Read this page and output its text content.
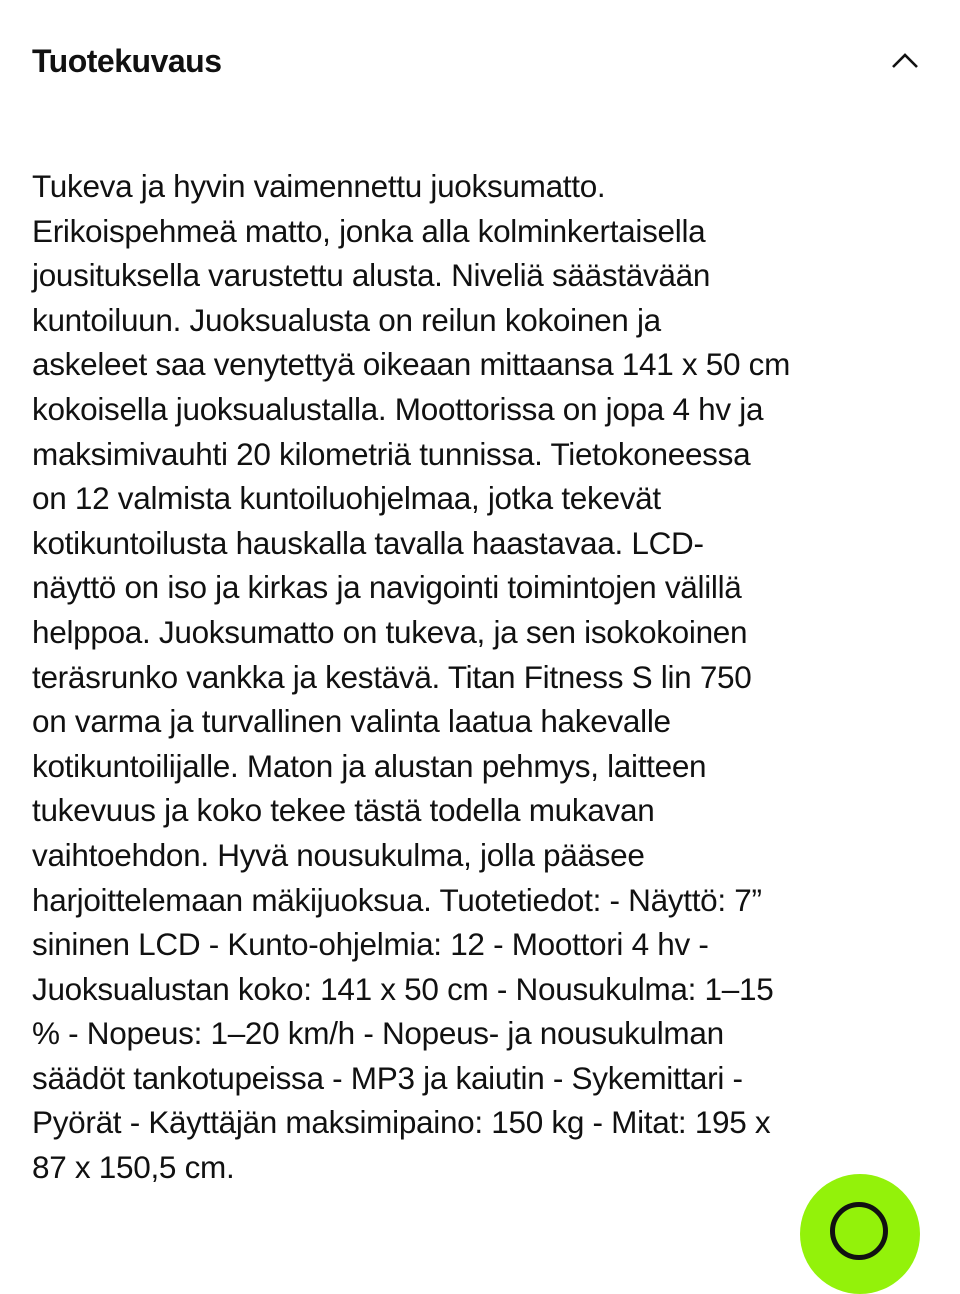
Tuotekuvaus
Tukeva ja hyvin vaimennettu juoksumatto.
Erikoispehmeä matto, jonka alla kolminkertaisella
jousituksella varustettu alusta. Niveliä säästävään
kuntoiluun. Juoksualusta on reilun kokoinen ja
askeleet saa venytettyä oikeaan mittaansa 141 x 50 cm
kokoisella juoksualustalla. Moottorissa on jopa 4 hv ja
maksimivauhti 20 kilometriä tunnissa. Tietokoneessa
on 12 valmista kuntoiluohjelmaa, jotka tekevät
kotikuntoilusta hauskalla tavalla haastavaa. LCD-
näyttö on iso ja kirkas ja navigointi toimintojen välillä
helppoa. Juoksumatto on tukeva, ja sen isokokoinen
teräsrunko vankka ja kestävä. Titan Fitness S lin 750
on varma ja turvallinen valinta laatua hakevalle
kotikuntoilijalle. Maton ja alustan pehmys, laitteen
tukevuus ja koko tekee tästä todella mukavan
vaihtoehdon. Hyvä nousukulma, jolla pääsee
harjoittelemaan mäkijuoksua. Tuotetiedot: - Näyttö: 7”
sininen LCD - Kunto-ohjelmia: 12 - Moottori 4 hv -
Juoksualustan koko: 141 x 50 cm - Nousukulma: 1–15
% - Nopeus: 1–20 km/h - Nopeus- ja nousukulman
säädöt tankotupeissa - MP3 ja kaiutin - Sykemittari -
Pyörät - Käyttäjän maksimipaino: 150 kg - Mitat: 195 x
87 x 150,5 cm.
